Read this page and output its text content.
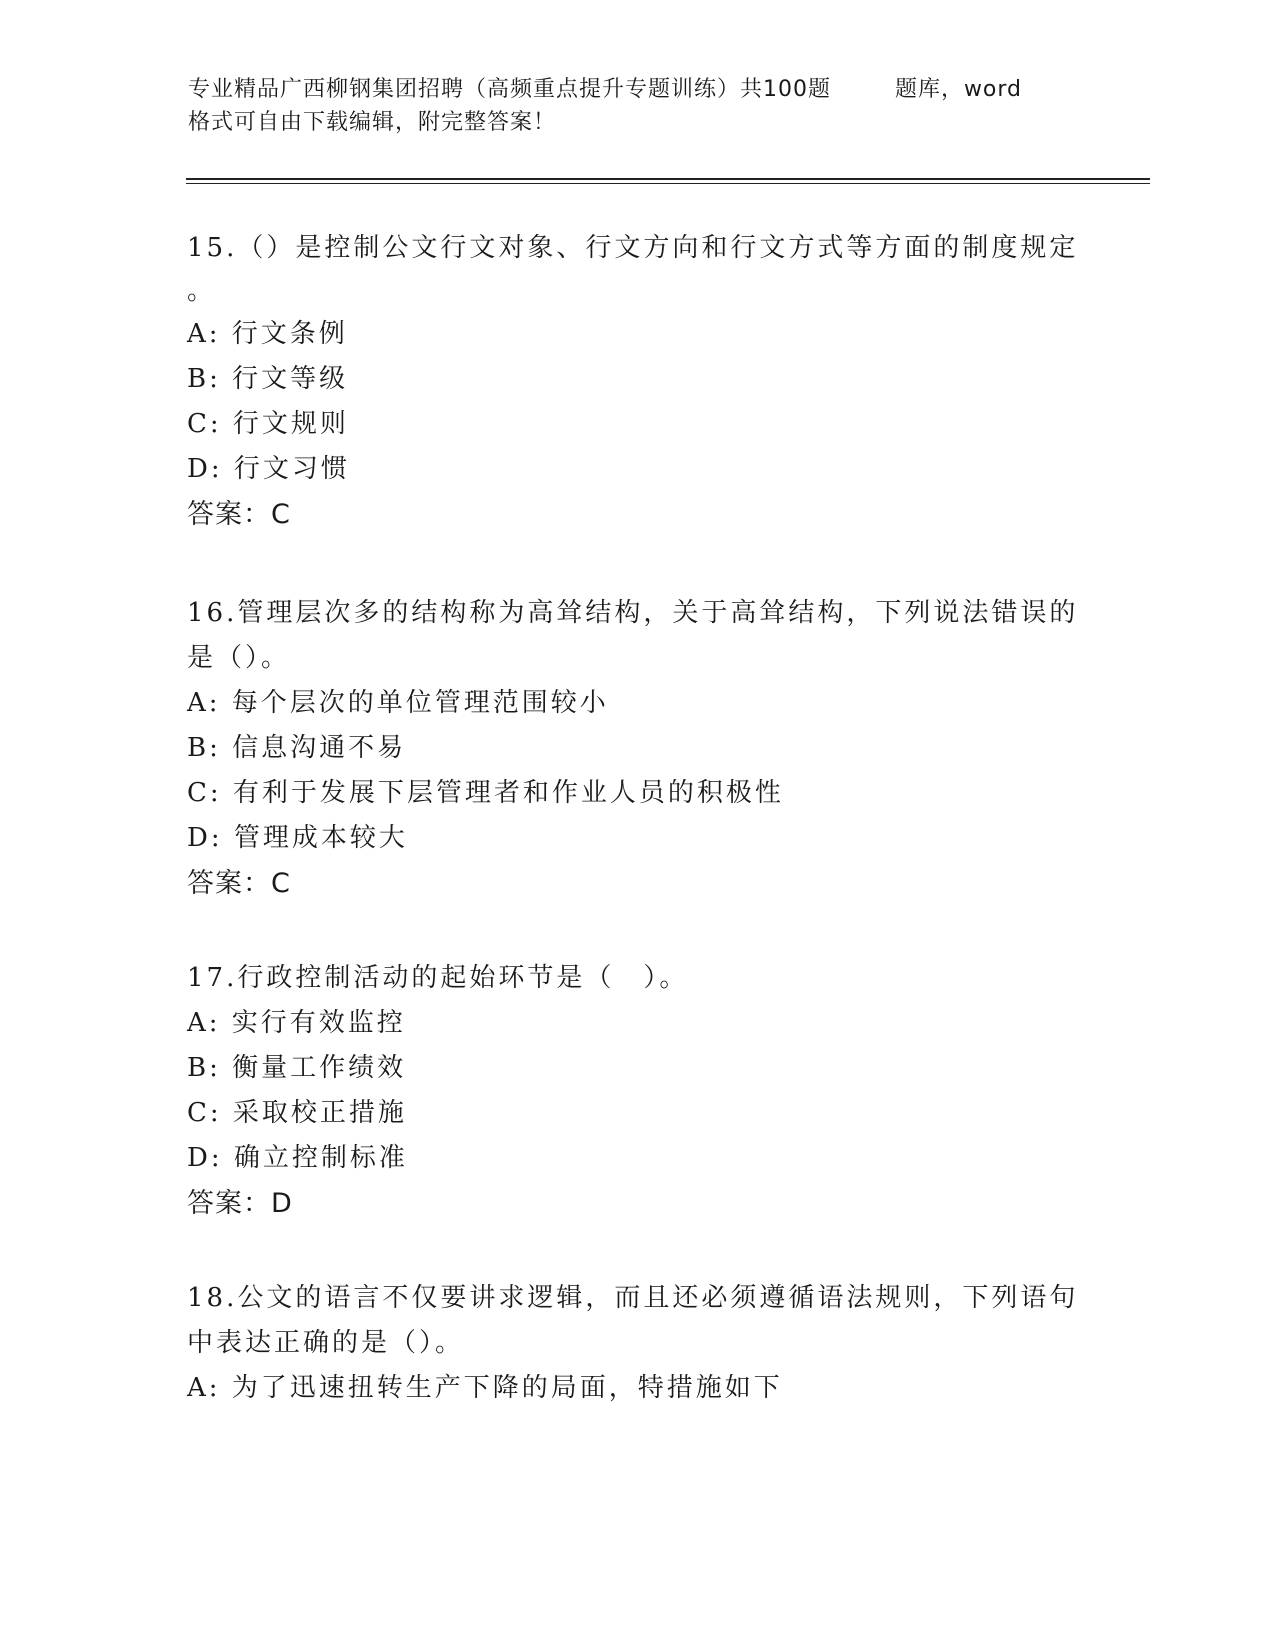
专业精品广西柳钢集团招聘（高频重点提升专题训练）共100题        题库，word
格式可自由下载编辑，附完整答案！
15.（）是控制公文行文对象、行文方向和行文方式等方面的制度规定
。
A: 行文条例
B: 行文等级
C: 行文规则
D: 行文习惯
答案：C
16.管理层次多的结构称为高耸结构，关于高耸结构，下列说法错误的
是（）。
A: 每个层次的单位管理范围较小
B: 信息沟通不易
C: 有利于发展下层管理者和作业人员的积极性
D: 管理成本较大
答案：C
17.行政控制活动的起始环节是（　）。
A: 实行有效监控
B: 衡量工作绩效
C: 采取校正措施
D: 确立控制标准
答案：D
18.公文的语言不仅要讲求逻辑，而且还必须遵循语法规则，下列语句
中表达正确的是（）。
A: 为了迅速扭转生产下降的局面，特措施如下
